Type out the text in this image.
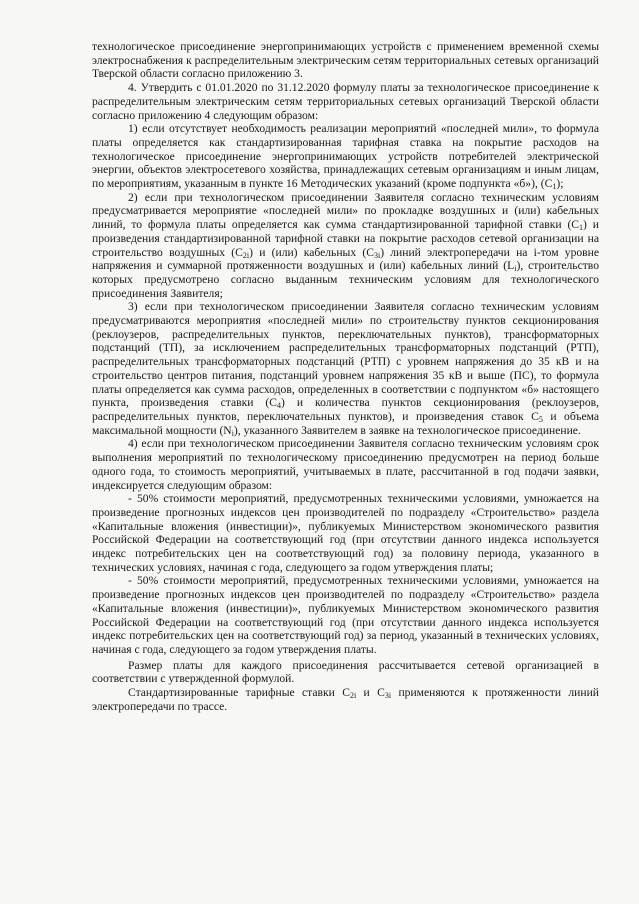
технологическое присоединение энергопринимающих устройств с применением временной схемы электроснабжения к распределительным электрическим сетям территориальных сетевых организаций Тверской области согласно приложению 3.

4. Утвердить с 01.01.2020 по 31.12.2020 формулу платы за технологическое присоединение к распределительным электрическим сетям территориальных сетевых организаций Тверской области согласно приложению 4 следующим образом:

1) если отсутствует необходимость реализации мероприятий «последней мили», то формула платы определяется как стандартизированная тарифная ставка на покрытие расходов на технологическое присоединение энергопринимающих устройств потребителей электрической энергии, объектов электросетевого хозяйства, принадлежащих сетевым организациям и иным лицам, по мероприятиям, указанным в пункте 16 Методических указаний (кроме подпункта «б»), $(C_1)$;

2) если при технологическом присоединении Заявителя согласно техническим условиям предусматривается мероприятие «последней мили» по прокладке воздушных и (или) кабельных линий, то формула платы определяется как сумма стандартизированной тарифной ставки $(C_1)$ и произведения стандартизированной тарифной ставки на покрытие расходов сетевой организации на строительство воздушных $(C_{2i})$ и (или) кабельных $(C_{3i})$ линий электропередачи на i-том уровне напряжения и суммарной протяженности воздушных и (или) кабельных линий $(L_i)$, строительство которых предусмотрено согласно выданным техническим условиям для технологического присоединения Заявителя;

3) если при технологическом присоединении Заявителя согласно техническим условиям предусматриваются мероприятия «последней мили» по строительству пунктов секционирования (реклоузеров, распределительных пунктов, переключательных пунктов), трансформаторных подстанций (ТП), за исключением распределительных трансформаторных подстанций (РТП), распределительных трансформаторных подстанций (РТП) с уровнем напряжения до 35 кВ и на строительство центров питания, подстанций уровнем напряжения 35 кВ и выше (ПС), то формула платы определяется как сумма расходов, определенных в соответствии с подпунктом «б» настоящего пункта, произведения ставки $(C_4)$ и количества пунктов секционирования (реклоузеров, распределительных пунктов, переключательных пунктов), и произведения ставок $C_5$ и объема максимальной мощности $(N_i)$, указанного Заявителем в заявке на технологическое присоединение.

4) если при технологическом присоединении Заявителя согласно техническим условиям срок выполнения мероприятий по технологическому присоединению предусмотрен на период больше одного года, то стоимость мероприятий, учитываемых в плате, рассчитанной в год подачи заявки, индексируется следующим образом:

- 50% стоимости мероприятий, предусмотренных техническими условиями, умножается на произведение прогнозных индексов цен производителей по подразделу «Строительство» раздела «Капитальные вложения (инвестиции)», публикуемых Министерством экономического развития Российской Федерации на соответствующий год (при отсутствии данного индекса используется индекс потребительских цен на соответствующий год) за половину периода, указанного в технических условиях, начиная с года, следующего за годом утверждения платы;

- 50% стоимости мероприятий, предусмотренных техническими условиями, умножается на произведение прогнозных индексов цен производителей по подразделу «Строительство» раздела «Капитальные вложения (инвестиции)», публикуемых Министерством экономического развития Российской Федерации на соответствующий год (при отсутствии данного индекса используется индекс потребительских цен на соответствующий год) за период, указанный в технических условиях, начиная с года, следующего за годом утверждения платы.

Размер платы для каждого присоединения рассчитывается сетевой организацией в соответствии с утвержденной формулой.

Стандартизированные тарифные ставки $C_{2i}$ и $C_{3i}$ применяются к протяженности линий электропередачи по трассе.
